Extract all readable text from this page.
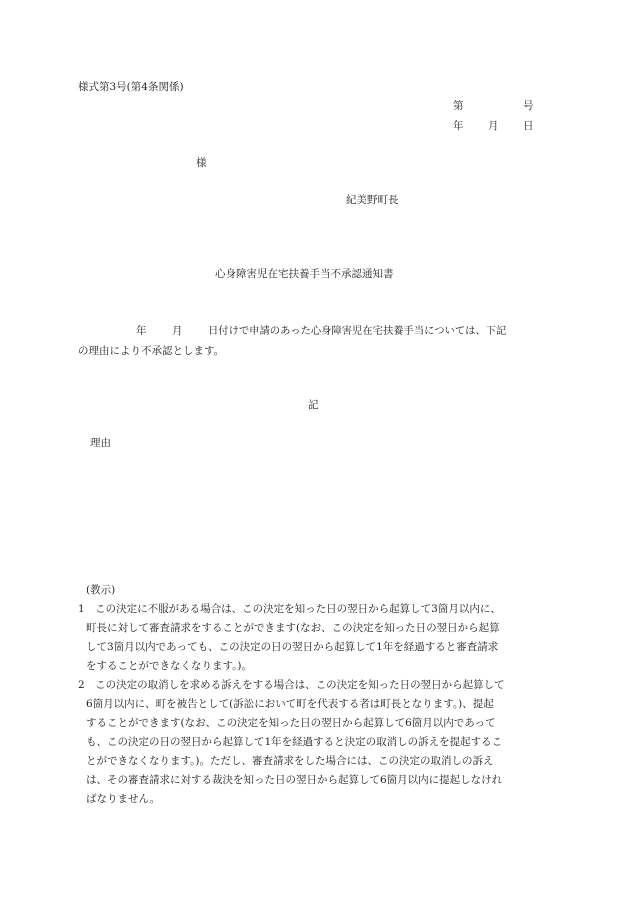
様式第3号(第4条関係)
第	号
年 月 日
様
紀美野町長
心身障害児在宅扶養手当不承認通知書
年 月 日付けで申請のあった心身障害児在宅扶養手当については、下記
の理由により不承認とします。
記
理由
(教示)
1　この決定に不服がある場合は、この決定を知った日の翌日から起算して3箇月以内に、
町長に対して審査請求をすることができます(なお、この決定を知った日の翌日から起算
して3箇月以内であっても、この決定の日の翌日から起算して1年を経過すると審査請求
をすることができなくなります。)。
2　この決定の取消しを求める訴えをする場合は、この決定を知った日の翌日から起算して
6箇月以内に、町を被告として(訴訟において町を代表する者は町長となります。)、提起
することができます(なお、この決定を知った日の翌日から起算して6箇月以内であって
も、この決定の日の翌日から起算して1年を経過すると決定の取消しの訴えを提起するこ
とができなくなります。)。ただし、審査請求をした場合には、この決定の取消しの訴え
は、その審査請求に対する裁決を知った日の翌日から起算して6箇月以内に提起しなけれ
ばなりません。
